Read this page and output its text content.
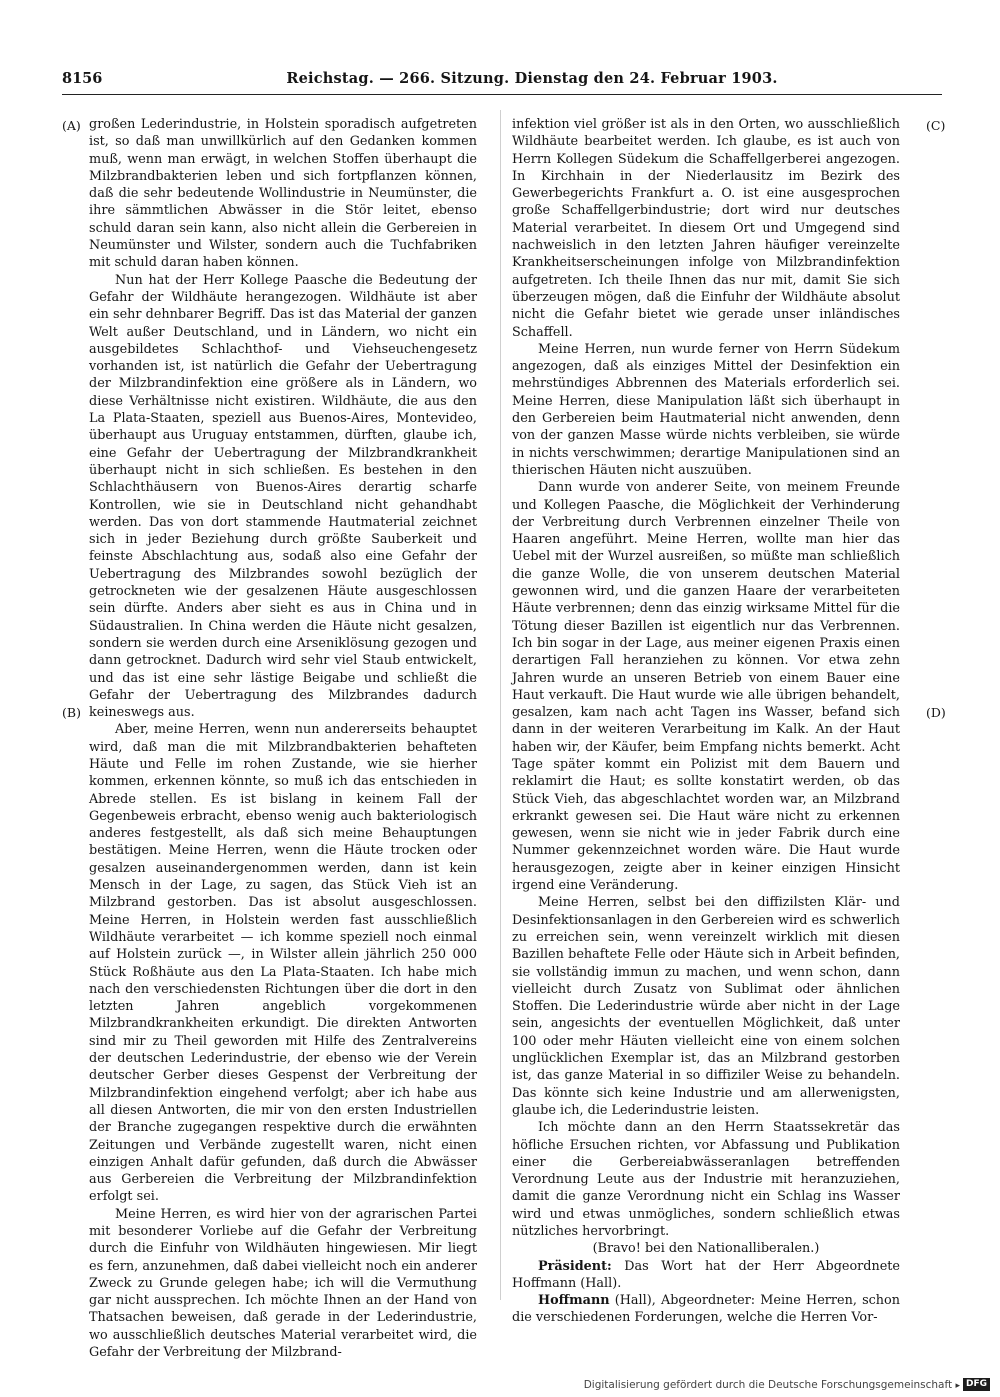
8156	Reichstag. — 266. Sitzung. Dienstag den 24. Februar 1903.
(A)
(B)
(C)
(D)

großen Lederindustrie, in Holstein sporadisch aufgetreten ist, so daß man unwillkürlich auf den Gedanken kommen muß, wenn man erwägt, in welchen Stoffen überhaupt die Milzbrandbakterien leben und sich fortpflanzen können, daß die sehr bedeutende Wollindustrie in Neumünster, die ihre sämmtlichen Abwässer in die Stör leitet, ebenso schuld daran sein kann, also nicht allein die Gerbereien in Neumünster und Wilster, sondern auch die Tuchfabriken mit schuld daran haben können.

Nun hat der Herr Kollege Paasche die Bedeutung der Gefahr der Wildhäute herangezogen. Wildhäute ist aber ein sehr dehnbarer Begriff. Das ist das Material der ganzen Welt außer Deutschland, und in Ländern, wo nicht ein ausgebildetes Schlachthof- und Viehseuchengesetz vorhanden ist, ist natürlich die Gefahr der Uebertragung der Milzbrandinfektion eine größere als in Ländern, wo diese Verhältnisse nicht existiren. Wildhäute, die aus den La Plata-Staaten, speziell aus Buenos-Aires, Montevideo, überhaupt aus Uruguay entstammen, dürften, glaube ich, eine Gefahr der Uebertragung der Milzbrandkrankheit überhaupt nicht in sich schließen. Es bestehen in den Schlachthäusern von Buenos-Aires derartig scharfe Kontrollen, wie sie in Deutschland nicht gehandhabt werden. Das von dort stammende Hautmaterial zeichnet sich in jeder Beziehung durch größte Sauberkeit und feinste Abschlachtung aus, sodaß also eine Gefahr der Uebertragung des Milzbrandes sowohl bezüglich der getrockneten wie der gesalzenen Häute ausgeschlossen sein dürfte. Anders aber sieht es aus in China und in Südaustralien. In China werden die Häute nicht gesalzen, sondern sie werden durch eine Arseniklösung gezogen und dann getrocknet. Dadurch wird sehr viel Staub entwickelt, und das ist eine sehr lästige Beigabe und schließt die Gefahr der Uebertragung des Milzbrandes dadurch keineswegs aus.

Aber, meine Herren, wenn nun andererseits behauptet wird, daß man die mit Milzbrandbakterien behafteten Häute und Felle im rohen Zustande, wie sie hierher kommen, erkennen könnte, so muß ich das entschieden in Abrede stellen. Es ist bislang in keinem Fall der Gegenbeweis erbracht, ebenso wenig auch bakteriologisch anderes festgestellt, als daß sich meine Behauptungen bestätigen. Meine Herren, wenn die Häute trocken oder gesalzen auseinandergenommen werden, dann ist kein Mensch in der Lage, zu sagen, das Stück Vieh ist an Milzbrand gestorben. Das ist absolut ausgeschlossen. Meine Herren, in Holstein werden fast ausschließlich Wildhäute verarbeitet — ich komme speziell noch einmal auf Holstein zurück —, in Wilster allein jährlich 250 000 Stück Roßhäute aus den La Plata-Staaten. Ich habe mich nach den verschiedensten Richtungen über die dort in den letzten Jahren angeblich vorgekommenen Milzbrandkrankheiten erkundigt. Die direkten Antworten sind mir zu Theil geworden mit Hilfe des Zentralvereins der deutschen Lederindustrie, der ebenso wie der Verein deutscher Gerber dieses Gespenst der Verbreitung der Milzbrandinfektion eingehend verfolgt; aber ich habe aus all diesen Antworten, die mir von den ersten Industriellen der Branche zugegangen respektive durch die erwähnten Zeitungen und Verbände zugestellt waren, nicht einen einzigen Anhalt dafür gefunden, daß durch die Abwässer aus Gerbereien die Verbreitung der Milzbrandinfektion erfolgt sei.

Meine Herren, es wird hier von der agrarischen Partei mit besonderer Vorliebe auf die Gefahr der Verbreitung durch die Einfuhr von Wildhäuten hingewiesen. Mir liegt es fern, anzunehmen, daß dabei vielleicht noch ein anderer Zweck zu Grunde gelegen habe; ich will die Vermuthung gar nicht aussprechen. Ich möchte Ihnen an der Hand von Thatsachen beweisen, daß gerade in der Lederindustrie, wo ausschließlich deutsches Material verarbeitet wird, die Gefahr der Verbreitung der Milzbrand-

infektion viel größer ist als in den Orten, wo ausschließlich Wildhäute bearbeitet werden. Ich glaube, es ist auch von Herrn Kollegen Südekum die Schaffellgerberei angezogen. In Kirchhain in der Niederlausitz im Bezirk des Gewerbegerichts Frankfurt a. O. ist eine ausgesprochen große Schaffellgerbindustrie; dort wird nur deutsches Material verarbeitet. In diesem Ort und Umgegend sind nachweislich in den letzten Jahren häufiger vereinzelte Krankheitserscheinungen infolge von Milzbrandinfektion aufgetreten. Ich theile Ihnen das nur mit, damit Sie sich überzeugen mögen, daß die Einfuhr der Wildhäute absolut nicht die Gefahr bietet wie gerade unser inländisches Schaffell.

Meine Herren, nun wurde ferner von Herrn Südekum angezogen, daß als einziges Mittel der Desinfektion ein mehrstündiges Abbrennen des Materials erforderlich sei. Meine Herren, diese Manipulation läßt sich überhaupt in den Gerbereien beim Hautmaterial nicht anwenden, denn von der ganzen Masse würde nichts verbleiben, sie würde in nichts verschwimmen; derartige Manipulationen sind an thierischen Häuten nicht auszuüben.

Dann wurde von anderer Seite, von meinem Freunde und Kollegen Paasche, die Möglichkeit der Verhinderung der Verbreitung durch Verbrennen einzelner Theile von Haaren angeführt. Meine Herren, wollte man hier das Uebel mit der Wurzel ausreißen, so müßte man schließlich die ganze Wolle, die von unserem deutschen Material gewonnen wird, und die ganzen Haare der verarbeiteten Häute verbrennen; denn das einzig wirksame Mittel für die Tötung dieser Bazillen ist eigentlich nur das Verbrennen. Ich bin sogar in der Lage, aus meiner eigenen Praxis einen derartigen Fall heranziehen zu können. Vor etwa zehn Jahren wurde an unseren Betrieb von einem Bauer eine Haut verkauft. Die Haut wurde wie alle übrigen behandelt, gesalzen, kam nach acht Tagen ins Wasser, befand sich dann in der weiteren Verarbeitung im Kalk. An der Haut haben wir, der Käufer, beim Empfang nichts bemerkt. Acht Tage später kommt ein Polizist mit dem Bauern und reklamirt die Haut; es sollte konstatirt werden, ob das Stück Vieh, das abgeschlachtet worden war, an Milzbrand erkrankt gewesen sei. Die Haut wäre nicht zu erkennen gewesen, wenn sie nicht wie in jeder Fabrik durch eine Nummer gekennzeichnet worden wäre. Die Haut wurde herausgezogen, zeigte aber in keiner einzigen Hinsicht irgend eine Veränderung.

Meine Herren, selbst bei den diffizilsten Klär- und Desinfektionsanlagen in den Gerbereien wird es schwerlich zu erreichen sein, wenn vereinzelt wirklich mit diesen Bazillen behaftete Felle oder Häute sich in Arbeit befinden, sie vollständig immun zu machen, und wenn schon, dann vielleicht durch Zusatz von Sublimat oder ähnlichen Stoffen. Die Lederindustrie würde aber nicht in der Lage sein, angesichts der eventuellen Möglichkeit, daß unter 100 oder mehr Häuten vielleicht eine von einem solchen unglücklichen Exemplar ist, das an Milzbrand gestorben ist, das ganze Material in so diffiziler Weise zu behandeln. Das könnte sich keine Industrie und am allerwenigsten, glaube ich, die Lederindustrie leisten.

Ich möchte dann an den Herrn Staatssekretär das höfliche Ersuchen richten, vor Abfassung und Publikation einer die Gerbereiabwässeranlagen betreffenden Verordnung Leute aus der Industrie mit heranzuziehen, damit die ganze Verordnung nicht ein Schlag ins Wasser wird und etwas unmögliches, sondern schließlich etwas nützliches hervorbringt.

(Bravo! bei den Nationalliberalen.)

Präsident: Das Wort hat der Herr Abgeordnete Hoffmann (Hall).

Hoffmann (Hall), Abgeordneter: Meine Herren, schon die verschiedenen Forderungen, welche die Herren Vor-

Digitalisierung gefördert durch die Deutsche Forschungsgemeinschaft ▸ DFG
